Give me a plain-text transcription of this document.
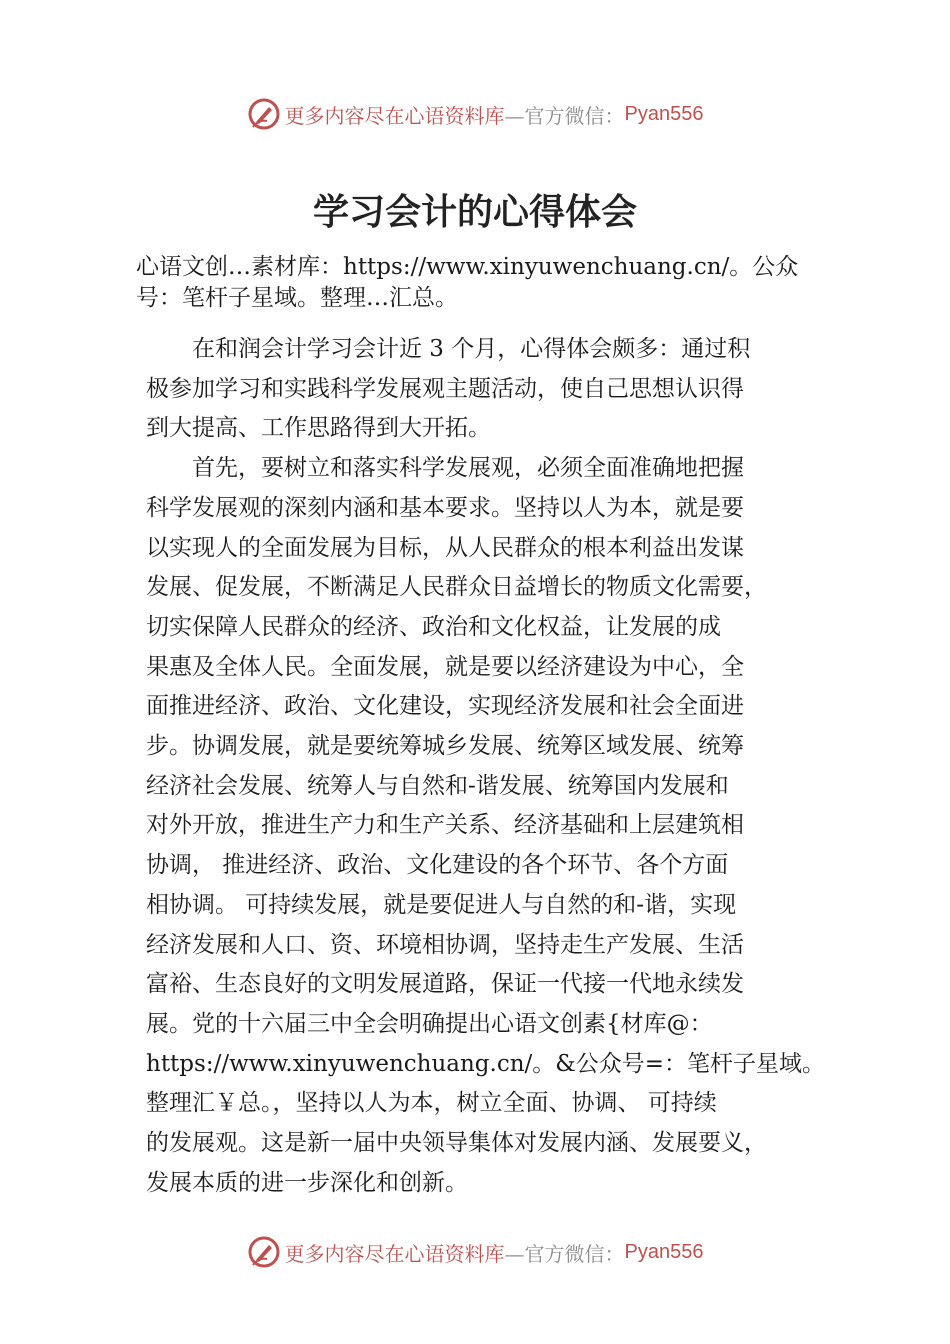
更多内容尽在心语资料库 —官方微信： Pyan556
学习会计的心得体会
心语文创…素材库：https://www.xinyuwenchuang.cn/。公众
号：笔杆子星域。整理…汇总。
　　在和润会计学习会计近 3 个月，心得体会颇多：通过积
极参加学习和实践科学发展观主题活动，使自己思想认识得
到大提高、工作思路得到大开拓。
　　首先，要树立和落实科学发展观，必须全面准确地把握
科学发展观的深刻内涵和基本要求。坚持以人为本，就是要
以实现人的全面发展为目标，从人民群众的根本利益出发谋
发展、促发展，不断满足人民群众日益增长的物质文化需要，
切实保障人民群众的经济、政治和文化权益，让发展的成
果惠及全体人民。全面发展，就是要以经济建设为中心，全
面推进经济、政治、文化建设，实现经济发展和社会全面进
步。协调发展，就是要统筹城乡发展、统筹区域发展、统筹
经济社会发展、统筹人与自然和-谐发展、统筹国内发展和
对外开放，推进生产力和生产关系、经济基础和上层建筑相
协调， 推进经济、政治、文化建设的各个环节、各个方面
相协调。 可持续发展，就是要促进人与自然的和-谐，实现
经济发展和人口、资、环境相协调，坚持走生产发展、生活
富裕、生态良好的文明发展道路，保证一代接一代地永续发
展。党的十六届三中全会明确提出心语文创素{材库@：
https://www.xinyuwenchuang.cn/。&公众号=：笔杆子星域。
整理汇￥总。，坚持以人为本，树立全面、协调、 可持续
的发展观。这是新一届中央领导集体对发展内涵、发展要义，
发展本质的进一步深化和创新。
更多内容尽在心语资料库 —官方微信： Pyan556
